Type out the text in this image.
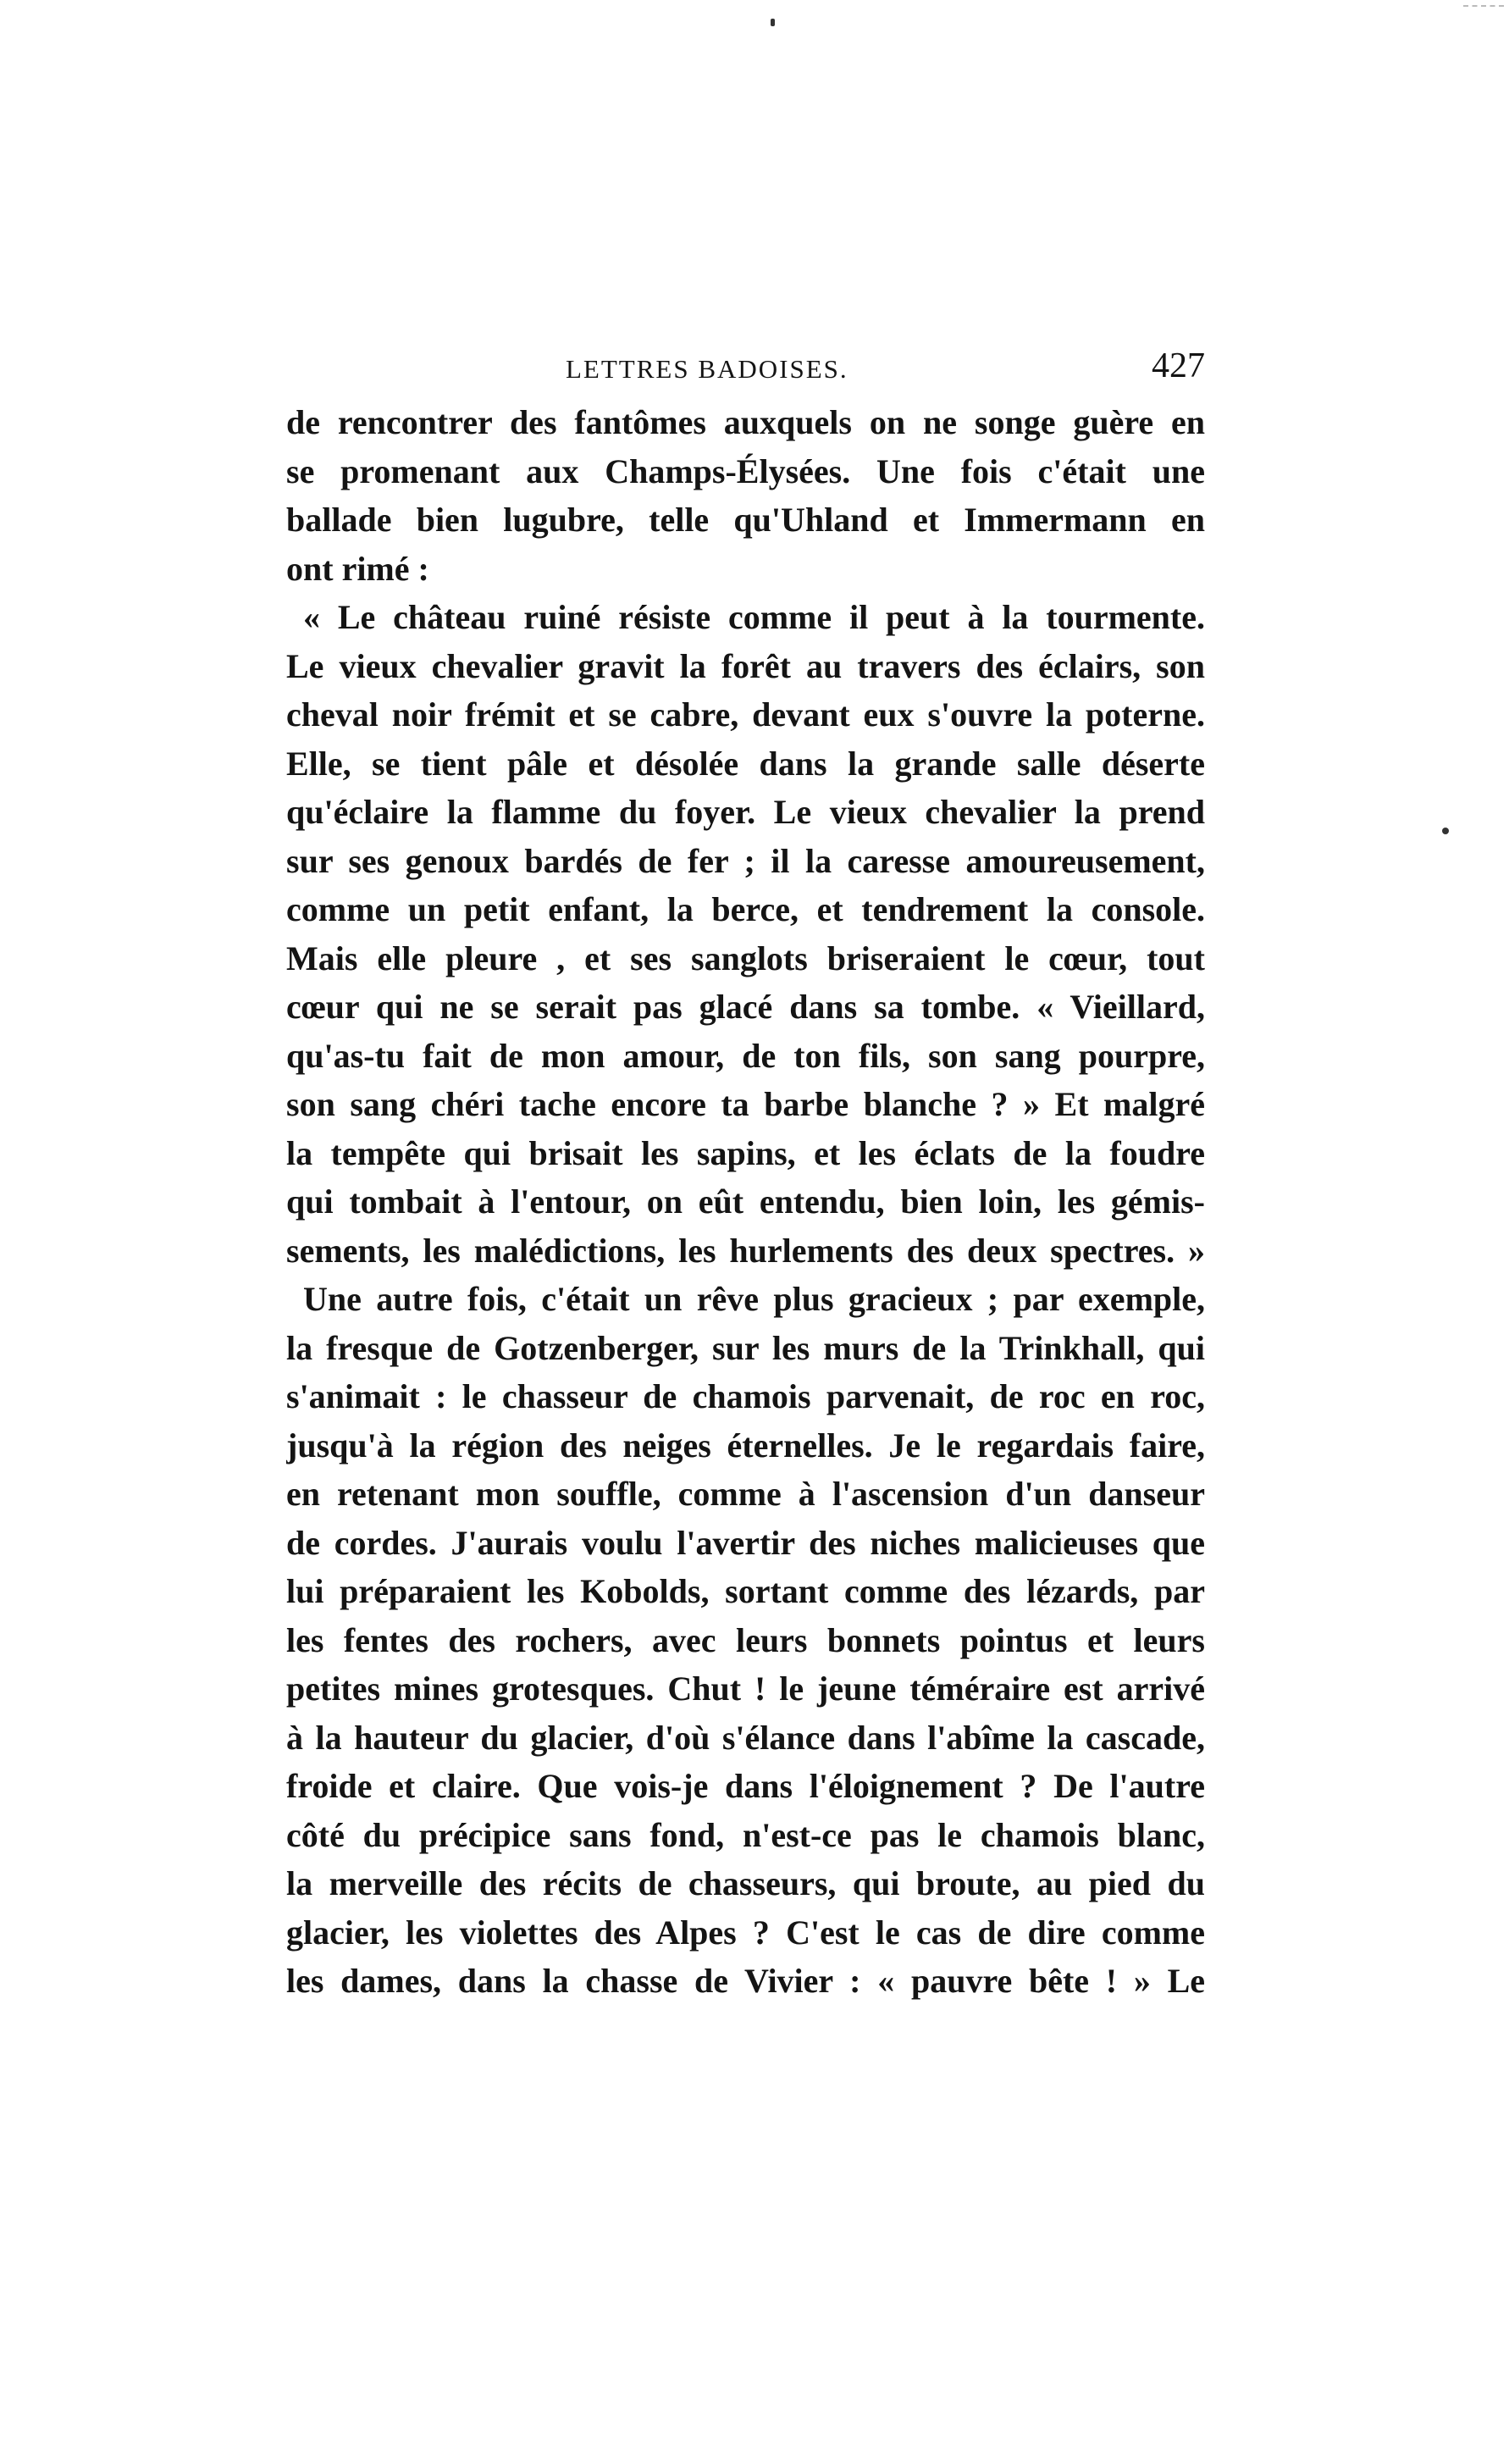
LETTRES BADOISES.	427
de rencontrer des fantômes auxquels on ne songe guère en
se promenant aux Champs-Élysées. Une fois c'était une
ballade bien lugubre, telle qu'Uhland et Immermann en
ont rimé :
« Le château ruiné résiste comme il peut à la tourmente.
Le vieux chevalier gravit la forêt au travers des éclairs, son
cheval noir frémit et se cabre, devant eux s'ouvre la poterne.
Elle, se tient pâle et désolée dans la grande salle déserte
qu'éclaire la flamme du foyer. Le vieux chevalier la prend
sur ses genoux bardés de fer ; il la caresse amoureusement,
comme un petit enfant, la berce, et tendrement la console.
Mais elle pleure , et ses sanglots briseraient le cœur, tout
cœur qui ne se serait pas glacé dans sa tombe. « Vieillard,
qu'as-tu fait de mon amour, de ton fils, son sang pourpre,
son sang chéri tache encore ta barbe blanche ? » Et malgré
la tempête qui brisait les sapins, et les éclats de la foudre
qui tombait à l'entour, on eût entendu, bien loin, les gémis-
sements, les malédictions, les hurlements des deux spectres. »
Une autre fois, c'était un rêve plus gracieux ; par exemple,
la fresque de Gotzenberger, sur les murs de la Trinkhall, qui
s'animait : le chasseur de chamois parvenait, de roc en roc,
jusqu'à la région des neiges éternelles. Je le regardais faire,
en retenant mon souffle, comme à l'ascension d'un danseur
de cordes. J'aurais voulu l'avertir des niches malicieuses que
lui préparaient les Kobolds, sortant comme des lézards, par
les fentes des rochers, avec leurs bonnets pointus et leurs
petites mines grotesques. Chut ! le jeune téméraire est arrivé
à la hauteur du glacier, d'où s'élance dans l'abîme la cascade,
froide et claire. Que vois-je dans l'éloignement ? De l'autre
côté du précipice sans fond, n'est-ce pas le chamois blanc,
la merveille des récits de chasseurs, qui broute, au pied du
glacier, les violettes des Alpes ? C'est le cas de dire comme
les dames, dans la chasse de Vivier : « pauvre bête ! » Le
